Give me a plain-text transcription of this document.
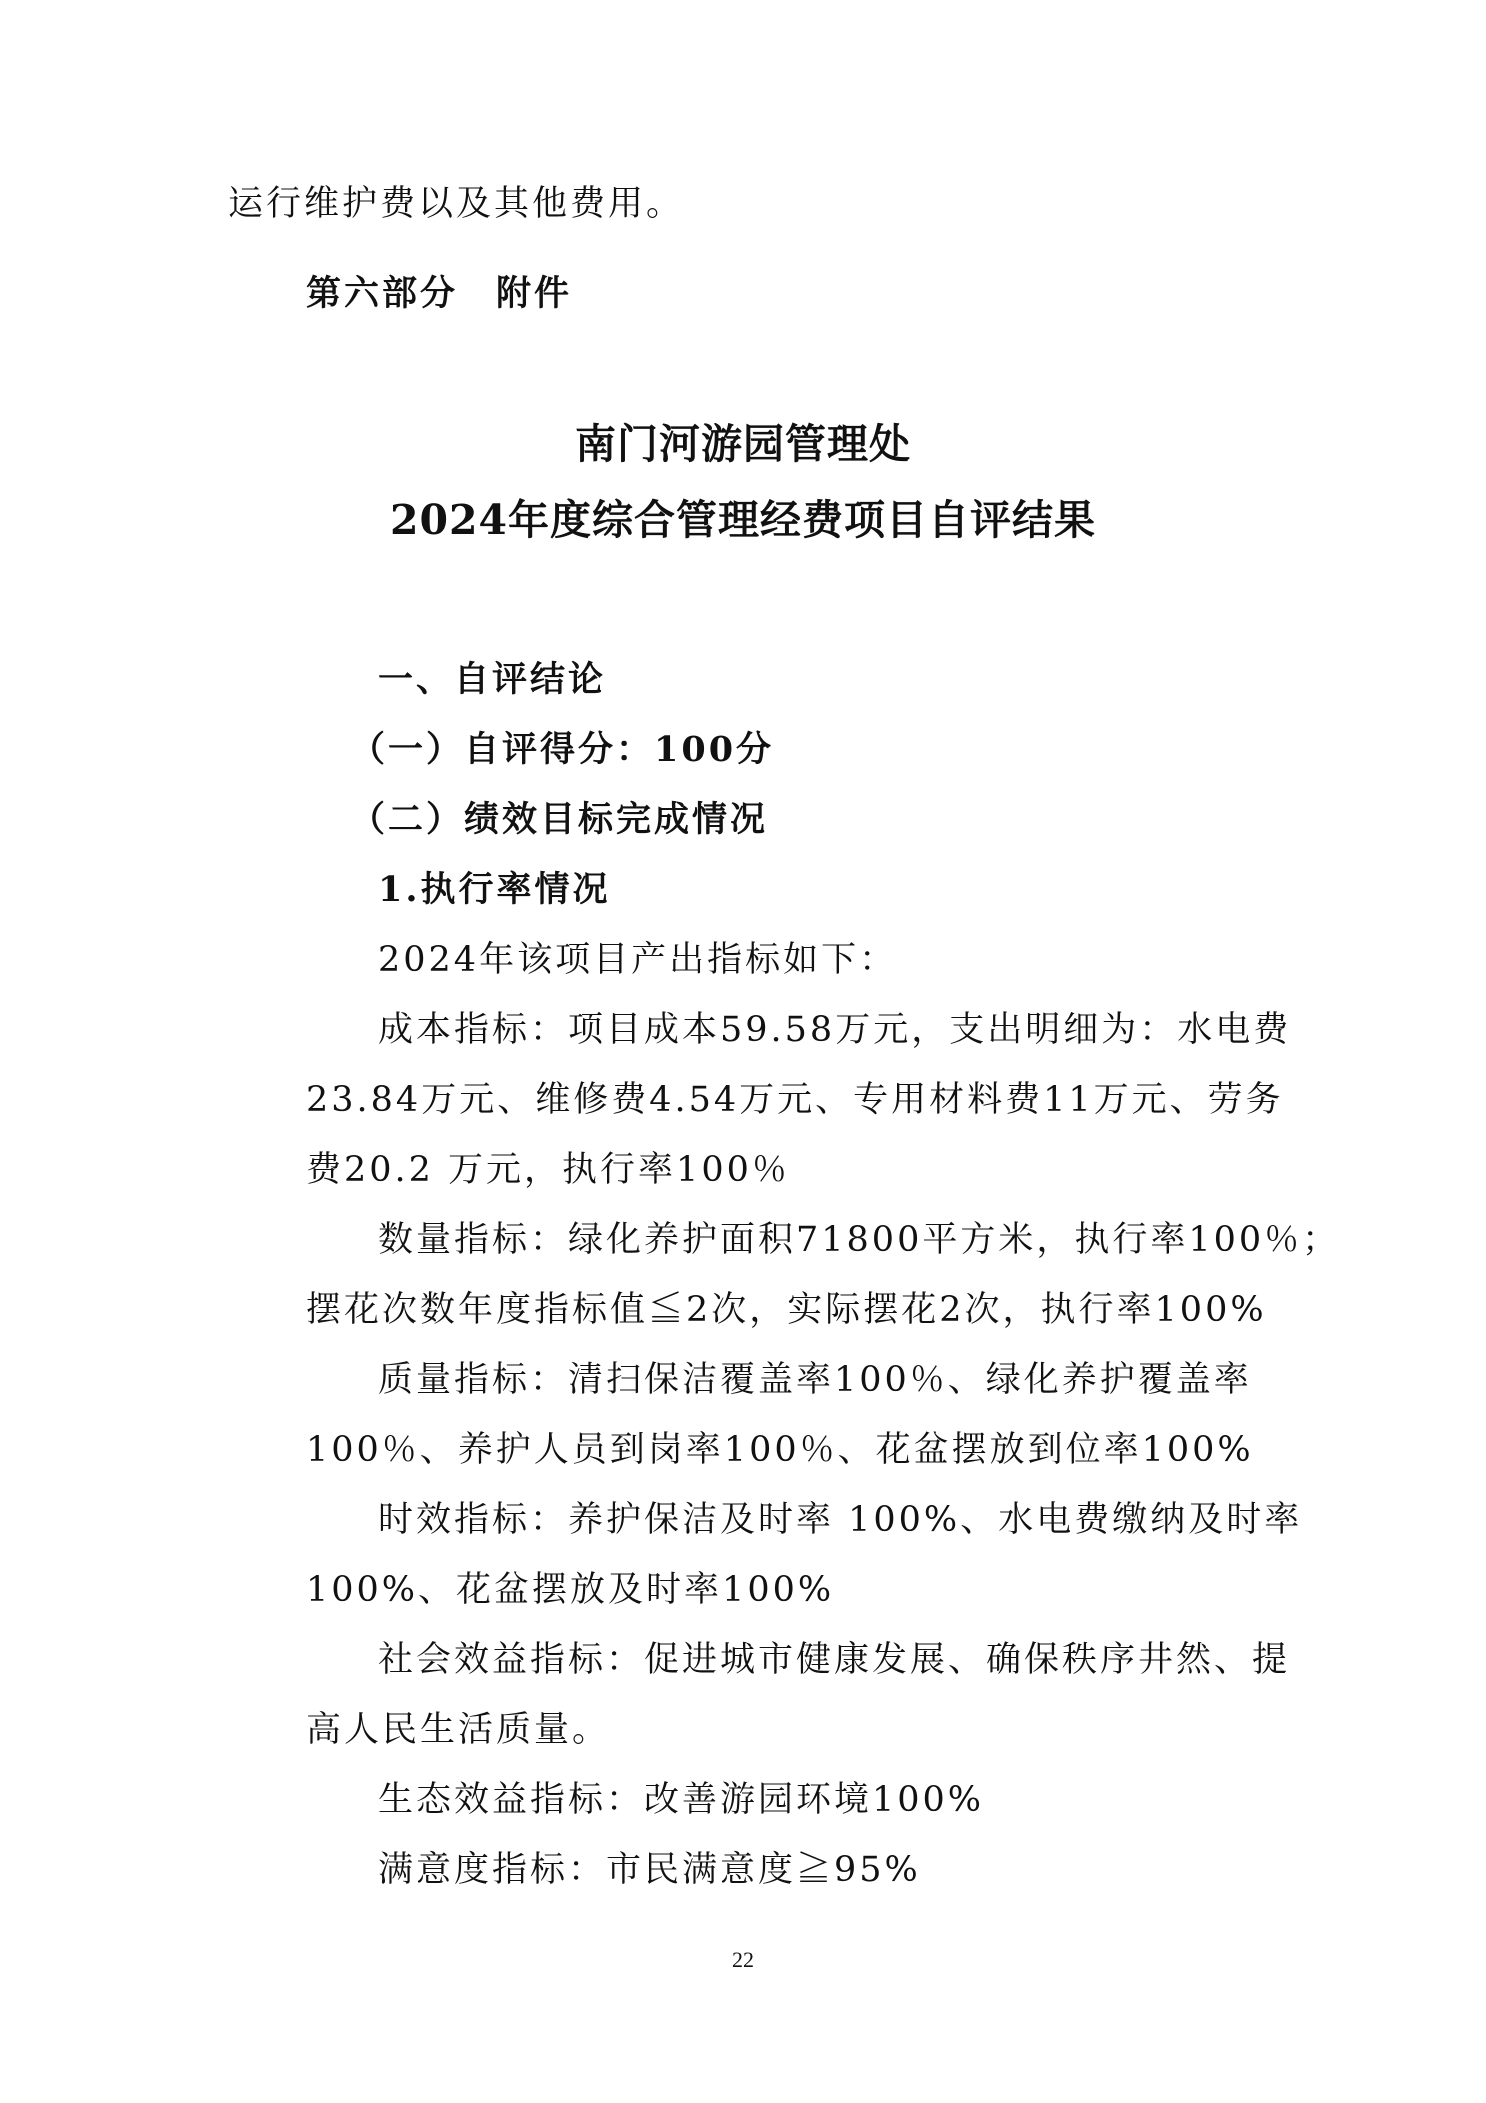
运行维护费以及其他费用。
第六部分　附件
南门河游园管理处
2024年度综合管理经费项目自评结果
一、自评结论
（一）自评得分：100分
（二）绩效目标完成情况
1.执行率情况
2024年该项目产出指标如下：
成本指标：项目成本59.58万元，支出明细为：水电费
23.84万元、维修费4.54万元、专用材料费11万元、劳务
费20.2 万元，执行率100％
数量指标：绿化养护面积71800平方米，执行率100％；
摆花次数年度指标值≦2次，实际摆花2次，执行率100%
质量指标：清扫保洁覆盖率100％、绿化养护覆盖率
100％、养护人员到岗率100％、花盆摆放到位率100%
时效指标：养护保洁及时率 100%、水电费缴纳及时率
100%、花盆摆放及时率100%
社会效益指标：促进城市健康发展、确保秩序井然、提
高人民生活质量。
生态效益指标：改善游园环境100%
满意度指标：市民满意度≧95%
22
